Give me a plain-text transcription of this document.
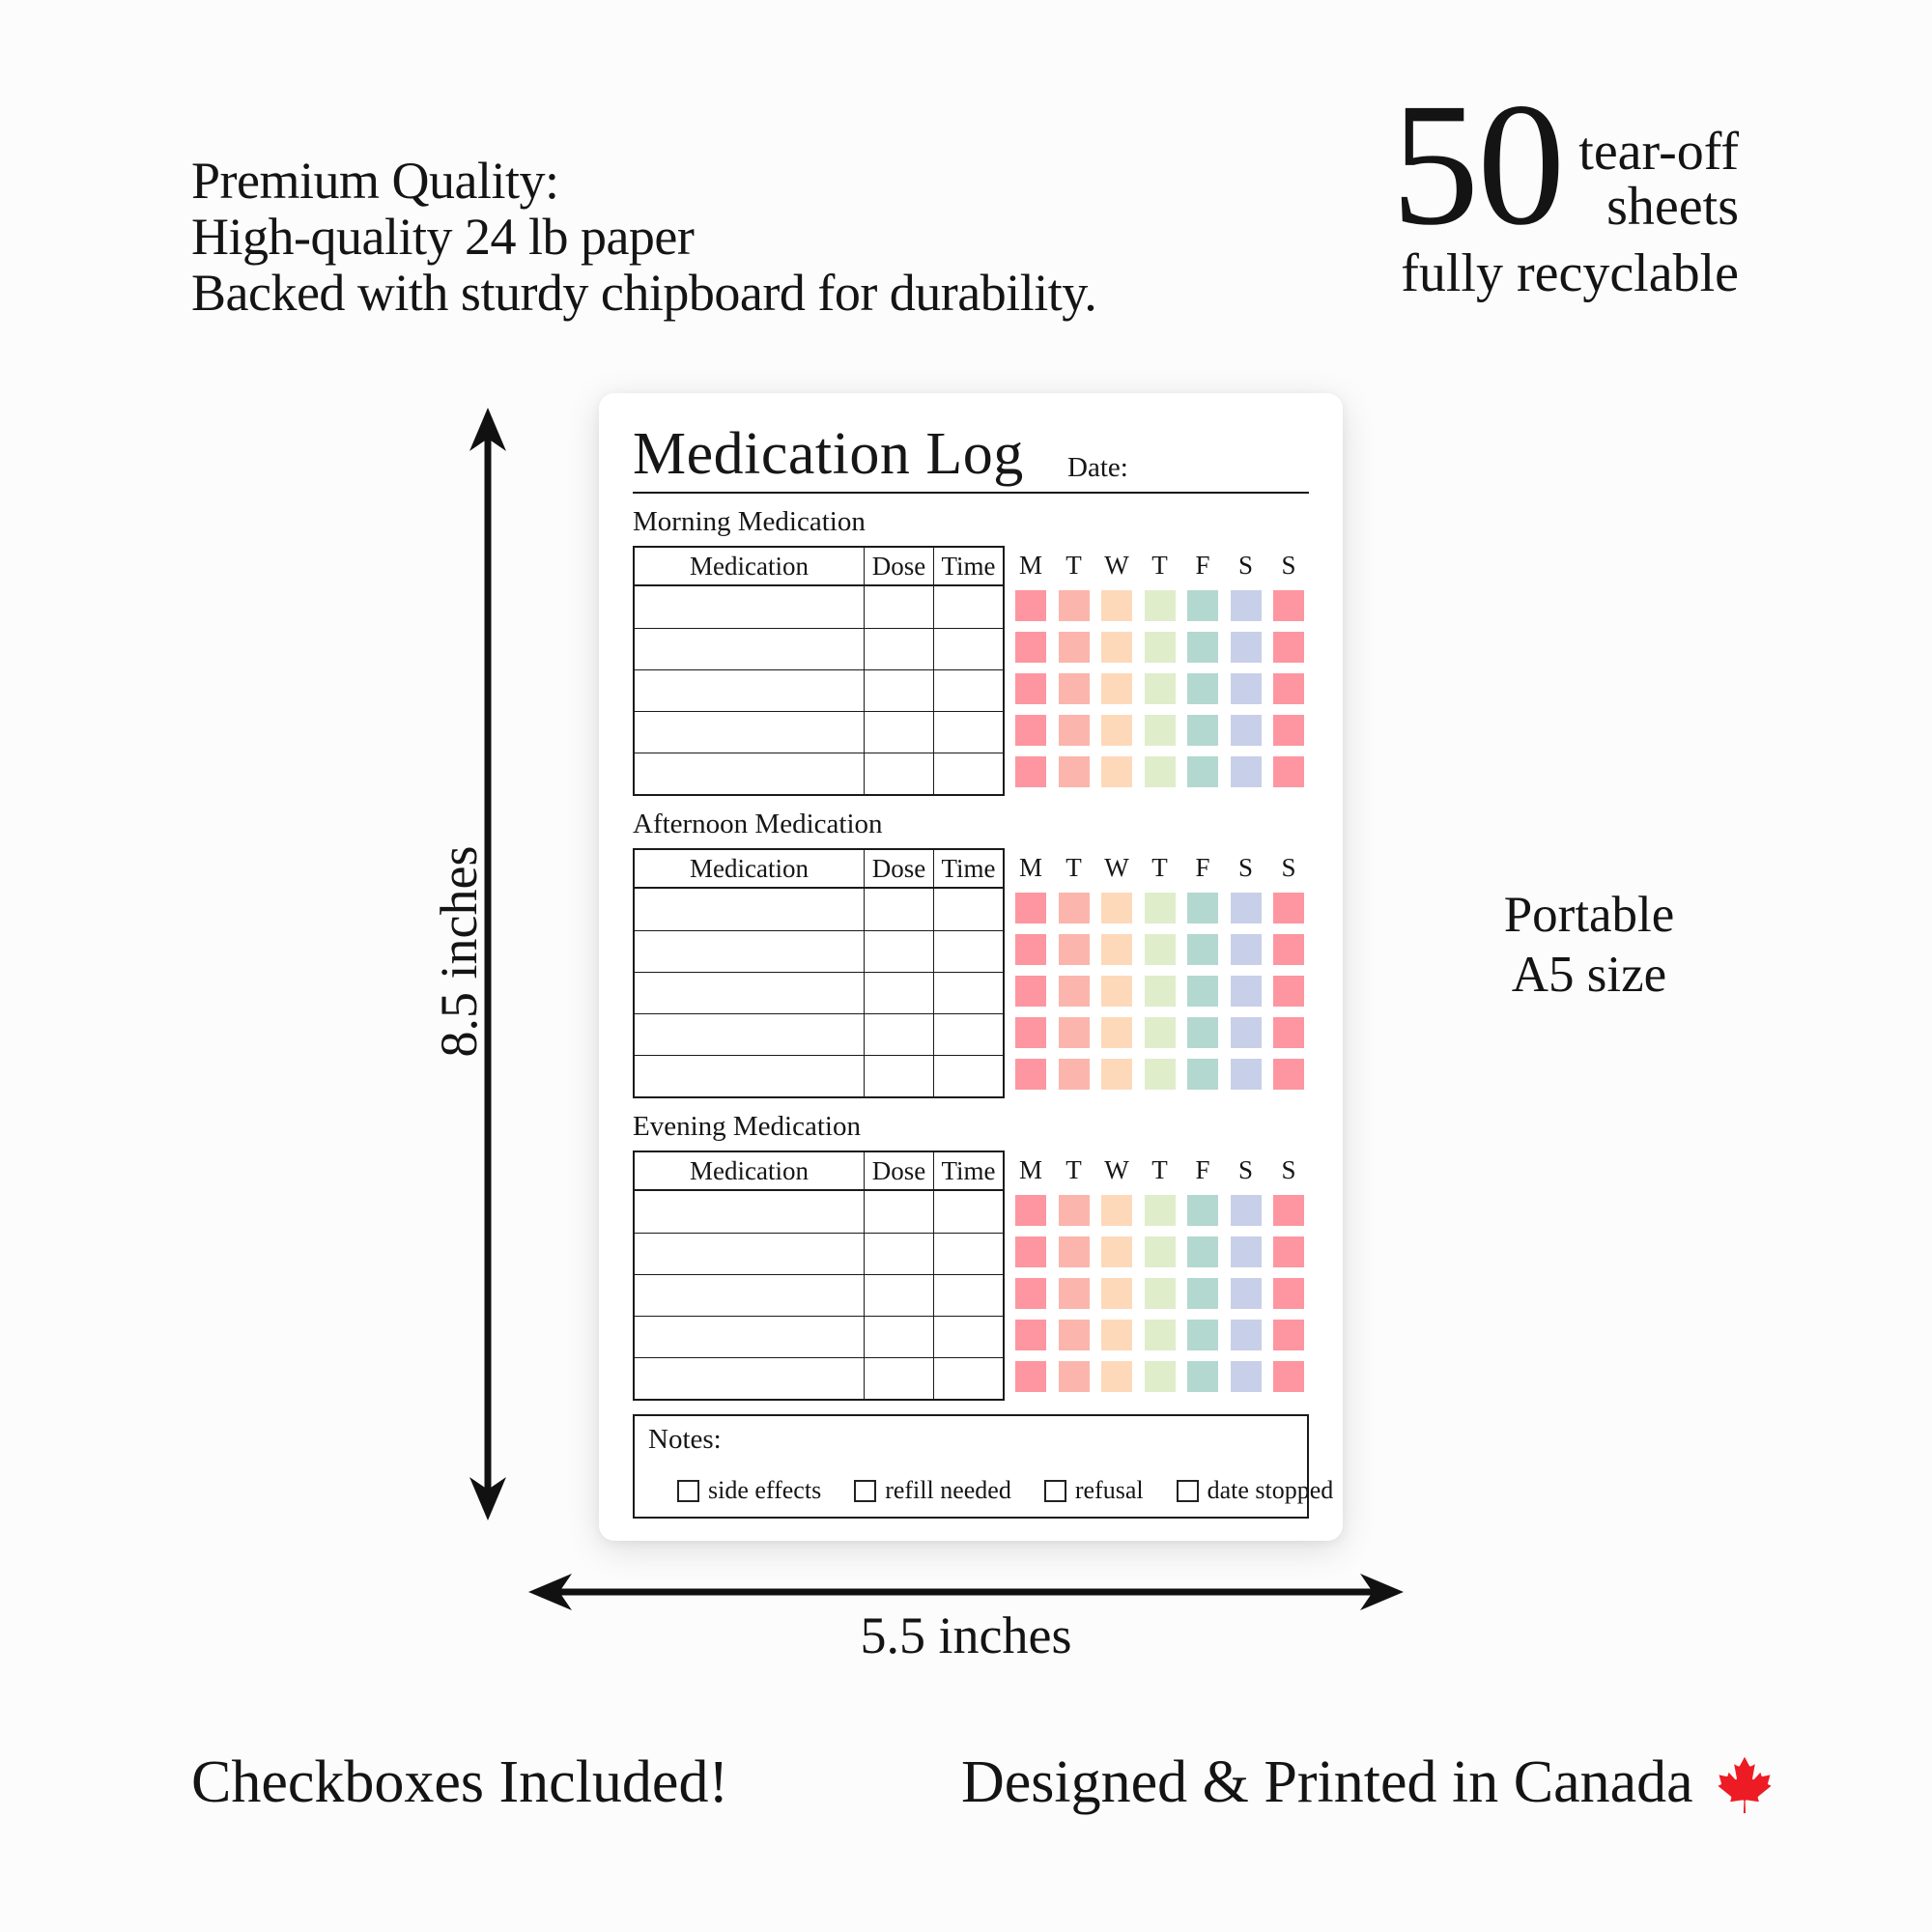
Premium Quality:
High-quality 24 lb paper
Backed with sturdy chipboard for durability.
50 tear-off
sheets
fully recyclable
8.5 inches
Medication Log	Date:
Morning Medication
Medication	Dose Time M T W T F S S
Afternoon Medication
Medication	Dose Time M T W T F S S
Evening Medication
Medication	Dose Time M T W T F S S
Notes:
side effects	refill needed	refusal	date stopped
5.5 inches
Portable
A5 size
Checkboxes Included!	Designed & Printed in Canada
